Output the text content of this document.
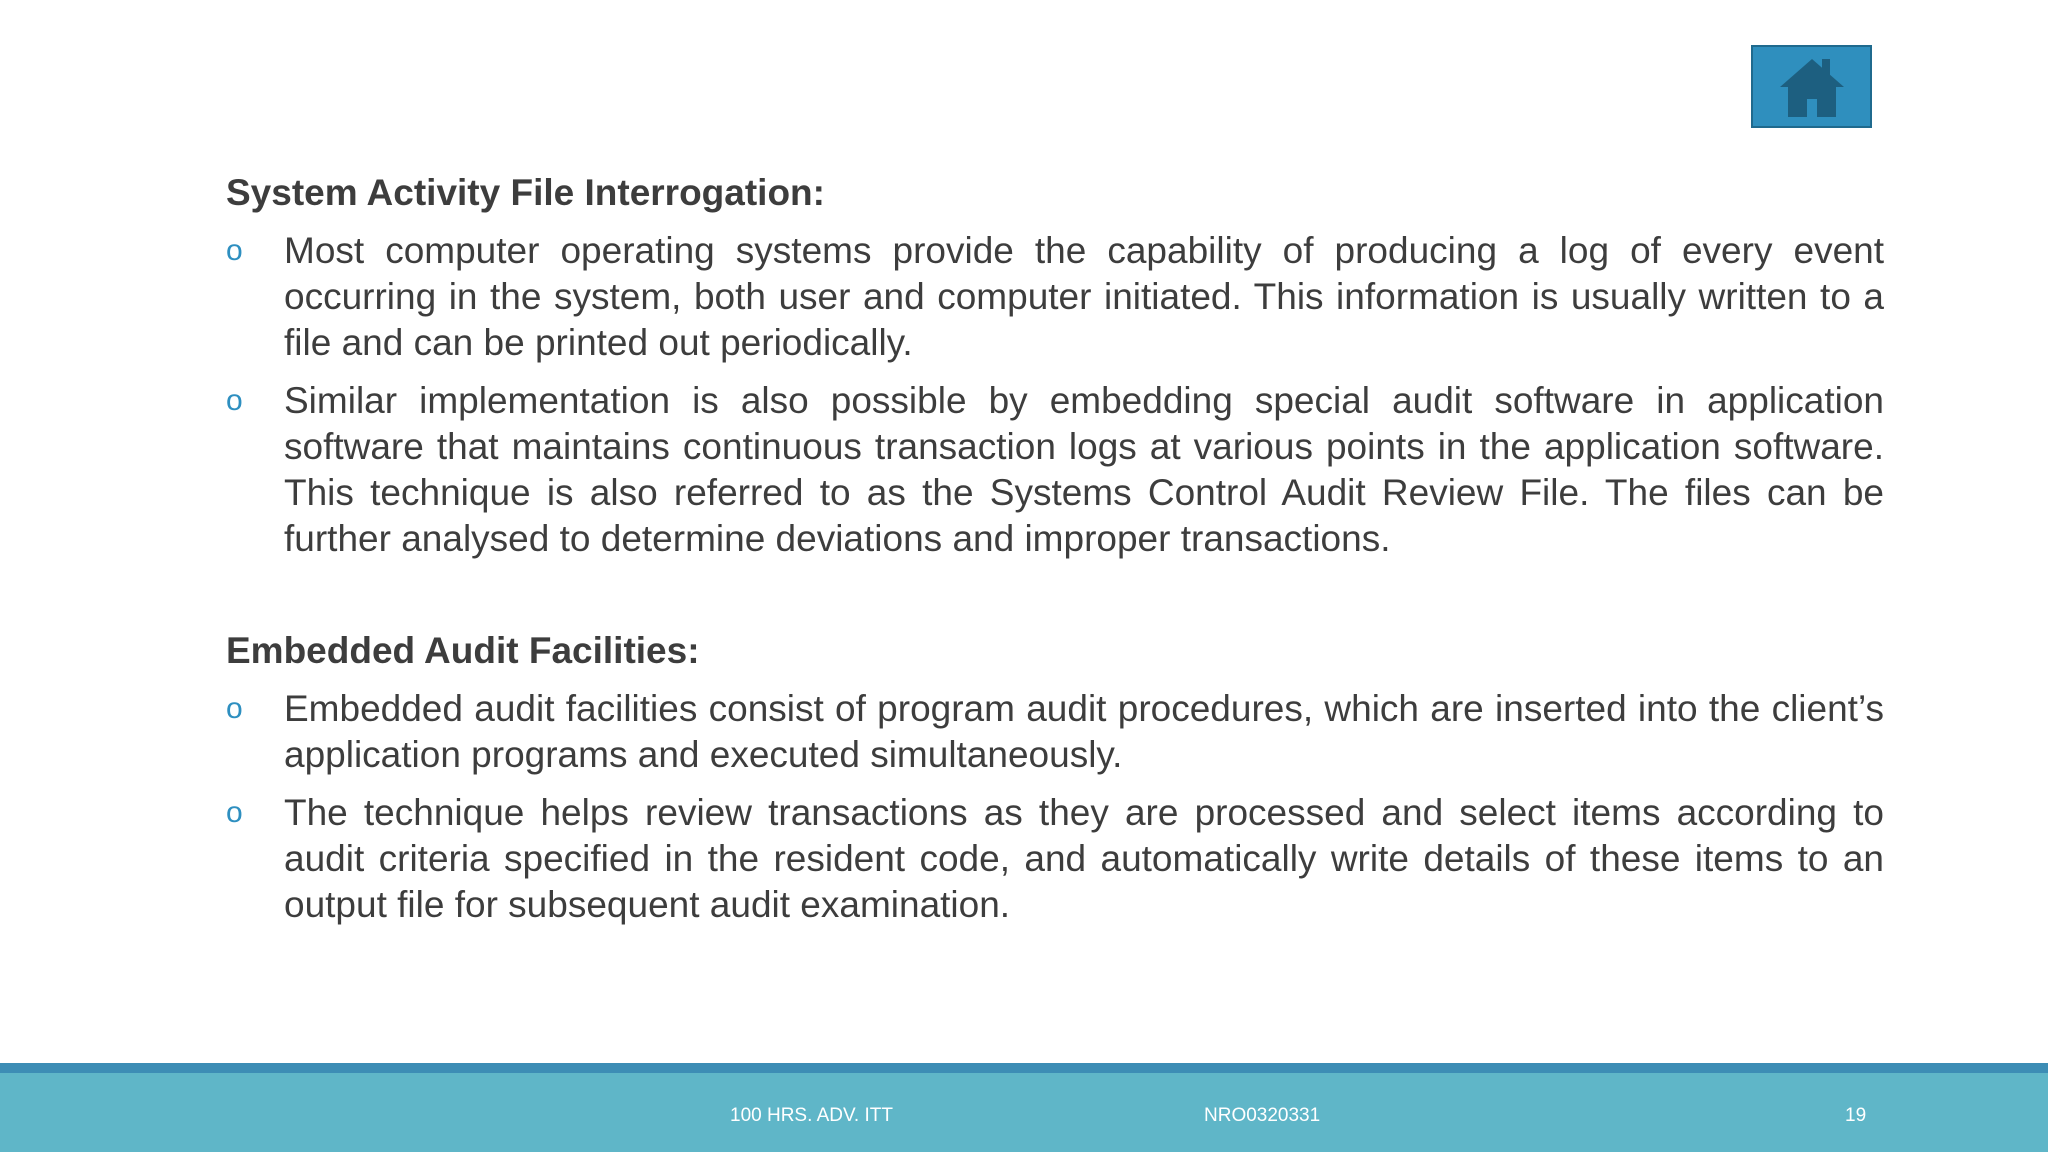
System Activity File Interrogation:
o	Most computer operating systems provide the capability of producing a log of every event occurring in the system, both user and computer initiated. This information is usually written to a file and can be printed out periodically.
o	Similar implementation is also possible by embedding special audit software in application software that maintains continuous transaction logs at various points in the application software. This technique is also referred to as the Systems Control Audit Review File. The files can be further analysed to determine deviations and improper transactions.
Embedded Audit Facilities:
o	Embedded audit facilities consist of program audit procedures, which are inserted into the client’s application programs and executed simultaneously.
o	The technique helps review transactions as they are processed and select items according to audit criteria specified in the resident code, and automatically write details of these items to an output file for subsequent audit examination.
100 HRS. ADV. ITT	NRO0320331	19
